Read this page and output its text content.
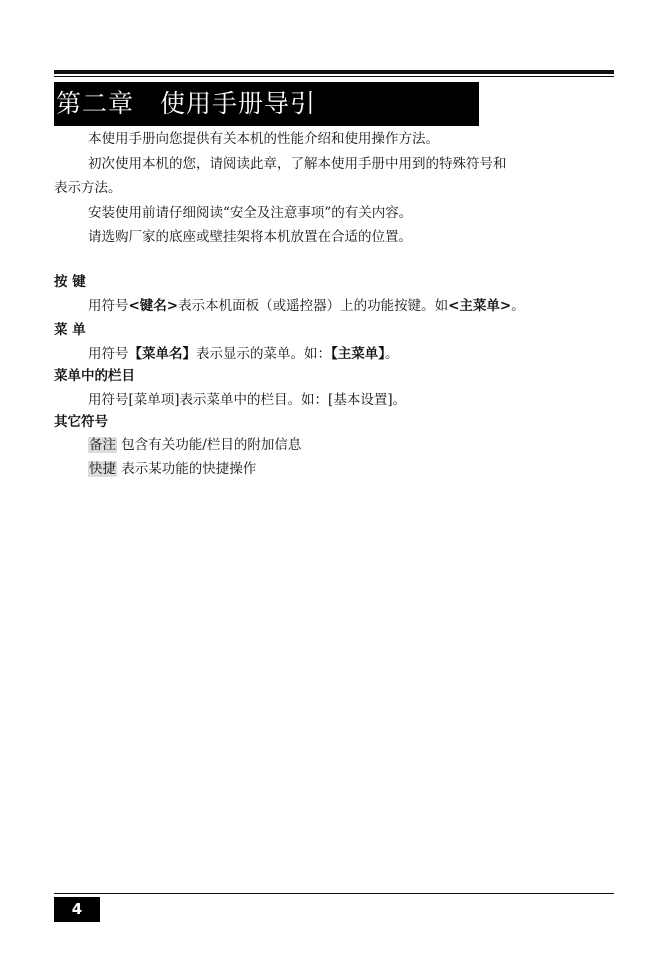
第二章　使用手册导引
本使用手册向您提供有关本机的性能介绍和使用操作方法。
初次使用本机的您，请阅读此章，了解本使用手册中用到的特殊符号和
表示方法。
安装使用前请仔细阅读“安全及注意事项”的有关内容。
请选购厂家的底座或壁挂架将本机放置在合适的位置。
按 键
用符号<键名>表示本机面板（或遥控器）上的功能按键。如<主菜单>。
菜 单
用符号【菜单名】表示显示的菜单。如：【主菜单】。
菜单中的栏目
用符号[菜单项]表示菜单中的栏目。如：[基本设置]。
其它符号
备注 包含有关功能/栏目的附加信息
快捷 表示某功能的快捷操作
4
